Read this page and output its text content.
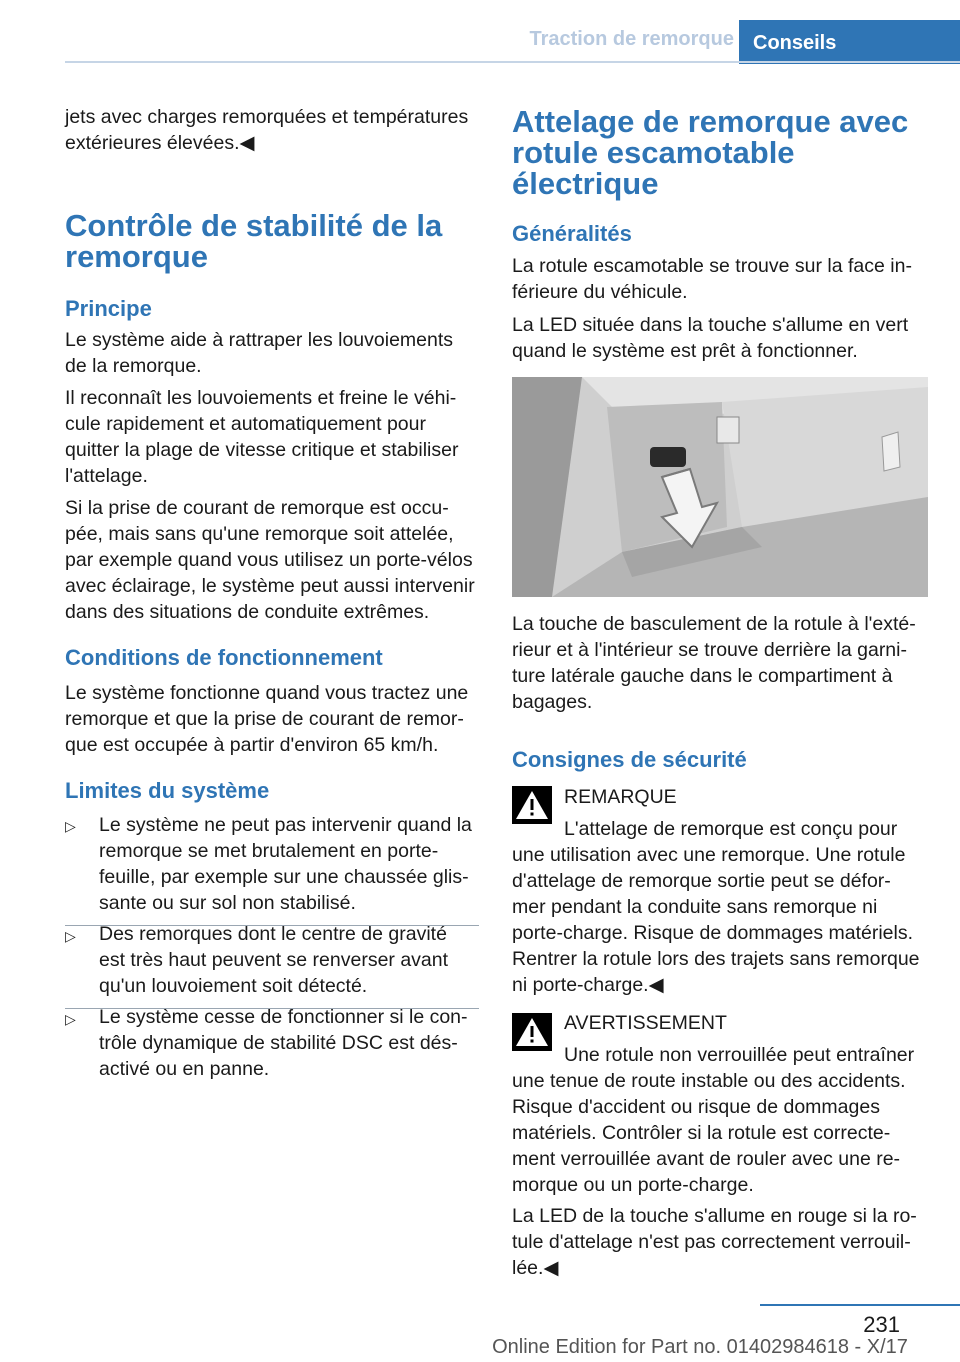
Traction de remorque Conseils

jets avec charges remorquées et températures

extérieures élevées.◀

Contrôle de stabilité de la
remorque
Principe

Le système aide à rattraper les louvoiements

de la remorque.

Il reconnaît les louvoiements et freine le véhi‐

cule rapidement et automatiquement pour

quitter la plage de vitesse critique et stabiliser

l'attelage.

Si la prise de courant de remorque est occu‐

pée, mais sans qu'une remorque soit attelée,

par exemple quand vous utilisez un porte-vélos

avec éclairage, le système peut aussi intervenir

dans des situations de conduite extrêmes.

Conditions de fonctionnement

Le système fonctionne quand vous tractez une

remorque et que la prise de courant de remor‐

que est occupée à partir d'environ 65 km/h.

Limites du système
▷ Le système ne peut pas intervenir quand la

remorque se met brutalement en porte-

feuille, par exemple sur une chaussée glis‐

sante ou sur sol non stabilisé.

▷ Des remorques dont le centre de gravité

est très haut peuvent se renverser avant

qu'un louvoiement soit détecté.

▷ Le système cesse de fonctionner si le con‐

trôle dynamique de stabilité DSC est dés‐

activé ou en panne.

Attelage de remorque avec
rotule escamotable
électrique
Généralités

La rotule escamotable se trouve sur la face in‐

férieure du véhicule.

La LED située dans la touche s'allume en vert

quand le système est prêt à fonctionner.

La touche de basculement de la rotule à l'exté‐

rieur et à l'intérieur se trouve derrière la garni‐

ture latérale gauche dans le compartiment à

bagages.

Consignes de sécurité

REMARQUE

L'attelage de remorque est conçu pour

une utilisation avec une remorque. Une rotule

d'attelage de remorque sortie peut se défor‐

mer pendant la conduite sans remorque ni

porte-charge. Risque de dommages matériels.

Rentrer la rotule lors des trajets sans remorque

ni porte-charge.◀

AVERTISSEMENT

Une rotule non verrouillée peut entraîner

une tenue de route instable ou des accidents.

Risque d'accident ou risque de dommages

matériels. Contrôler si la rotule est correcte‐

ment verrouillée avant de rouler avec une re‐

morque ou un porte-charge.

La LED de la touche s'allume en rouge si la ro‐

tule d'attelage n'est pas correctement verrouil‐

lée.◀

231
Online Edition for Part no. 01402984618 - X/17
